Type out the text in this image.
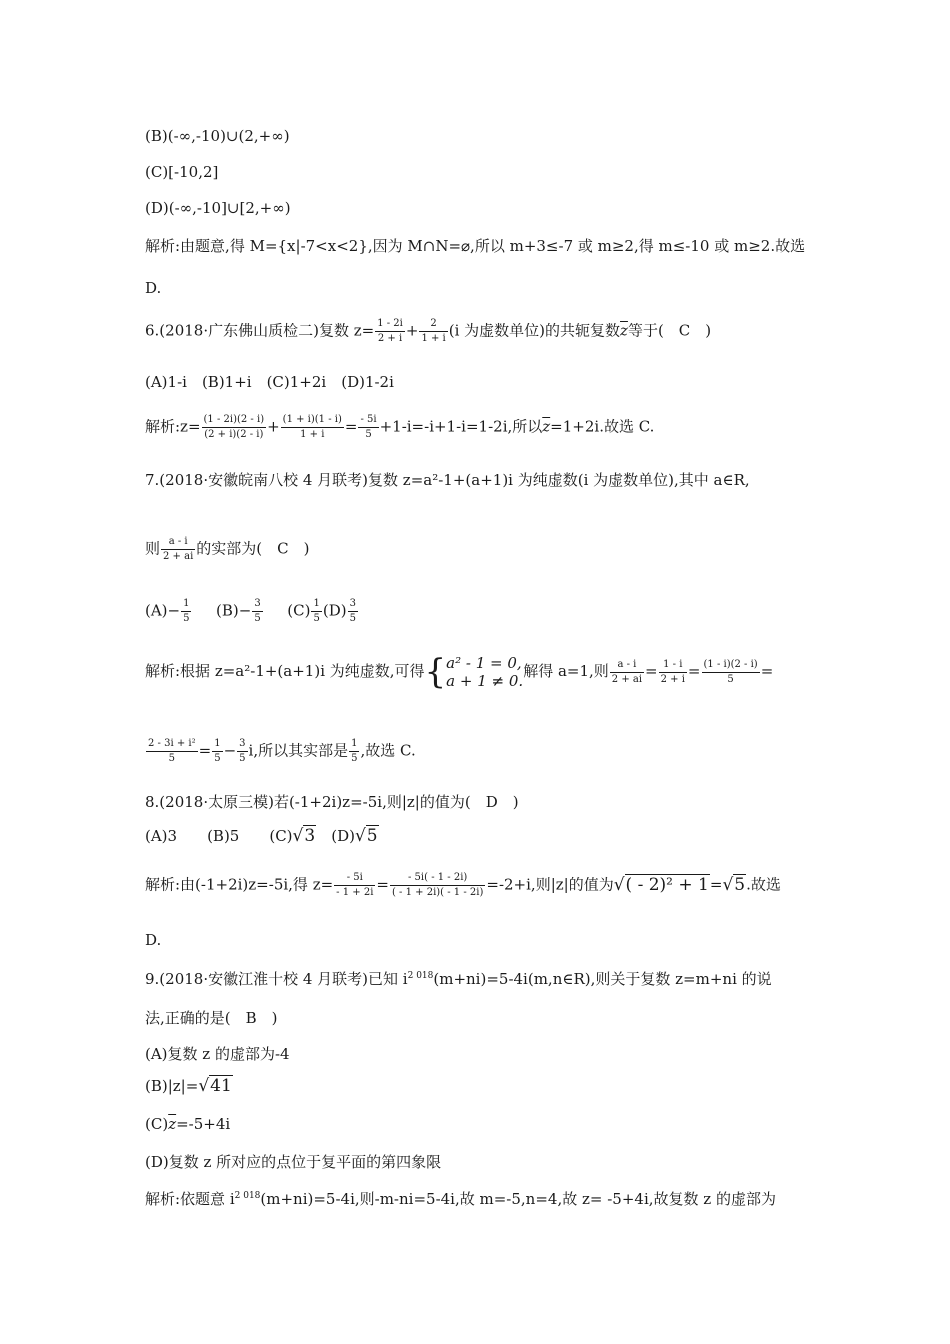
(B)(-∞,-10)∪(2,+∞)
(C)[-10,2]
(D)(-∞,-10]∪[2,+∞)
解析:由题意,得 M={x|-7<x<2},因为 M∩N=⌀,所以 m+3≤-7 或 m≥2,得 m≤-10 或 m≥2.故选
D.
6.(2018·广东佛山质检二)复数 $z= \frac{1 - 2i}{2 + i} + \frac{2}{1 + i} (i$ 为虚数单位)的共轭复数$\overline{z}$等于(　C　)
(A)1-i　(B)1+i　(C)1+2i　(D)1-2i
解析:z= $\frac{(1 - 2i)(2 - i)}{(2 + i)(2 - i)} + \frac{(1 + i)(1 - i)}{1 + i} = \frac{- 5i}{5} +1-i=-i+1-i=1-2i$,所以$\overline{z}=1+2i$.故选 C.
7.(2018·安徽皖南八校 4 月联考)复数 z=a²-1+(a+1)i 为纯虚数(i 为虚数单位),其中 a∈R,
则 $\frac{a - i}{2 + ai}$ 的实部为(　C　)
$(A)- \frac{1}{5} (B)- \frac{3}{5} (C) \frac{1}{5} (D) \frac{3}{5}$
解析:根据 z=a²-1+(a+1)i 为纯虚数,可得{ a² - 1 = 0,
a + 1 ≠ 0.
解得 a=1,则 $\frac{a - i}{2 + ai} = \frac{1 - i}{2 + i} = \frac{(1 - i)(2 - i)}{5}$ =
$\frac{\text{2 - 3i + i²}}{5} = \frac{1}{5} - \frac{3}{5} i$,所以其实部是 $\frac{1}{5}$ ,故选 C.
8.(2018·太原三模)若(-1+2i)z=-5i,则|z|的值为(　D　)
(A)3　　(B)5　　(C)√3　(D)√5
解析:由(-1+2i)z=-5i,得 $z= \frac{- 5i}{- 1 + 2i} = \frac{- 5i( - 1 - 2i)}{( - 1 + 2i)( - 1 - 2i)} =-2+i$,则|z|的值为√( - 2)² + 1=√5.故选
D.
9.(2018·安徽江淮十校 4 月联考)已知 $i^{2 018}(m+ni)=5-4i(m,n\in R)$,则关于复数 z=m+ni 的说
法,正确的是(　B　)
(A)复数 z 的虚部为-4
(B)|z|=√41
$(C)\overline{z}=-5+4i$
(D)复数 z 所对应的点位于复平面的第四象限
解析:依题意 $i^{2 018}(m+ni)=5-4i$,则-m-ni=5-4i,故 m=-5,n=4,故 z= -5+4i,故复数 z 的虚部为
